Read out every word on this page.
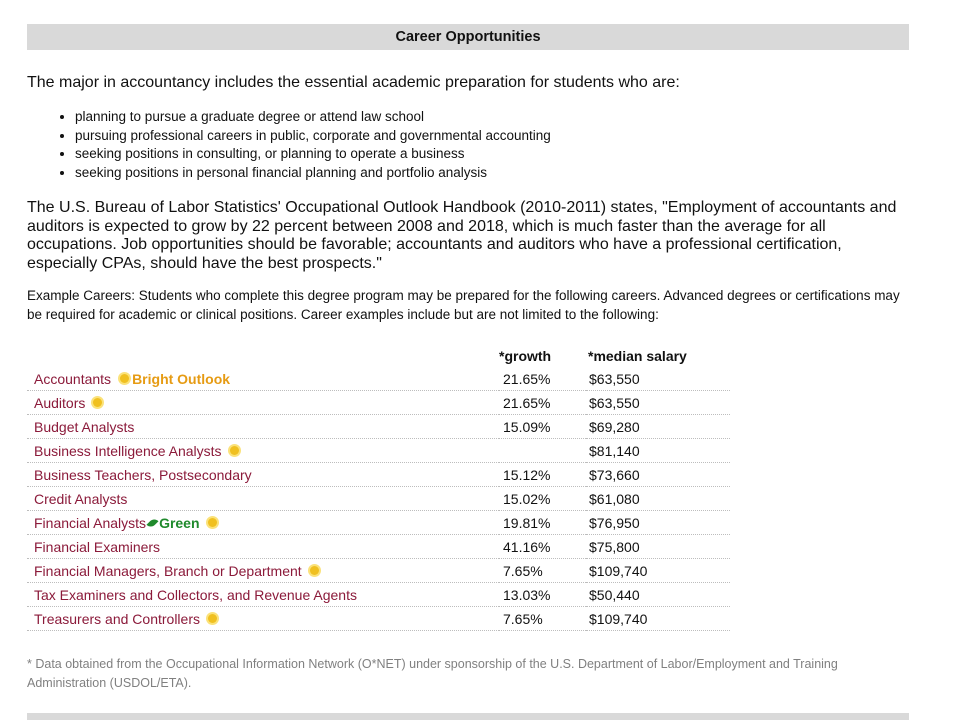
Career Opportunities
The major in accountancy includes the essential academic preparation for students who are:
• planning to pursue a graduate degree or attend law school
• pursuing professional careers in public, corporate and governmental accounting
• seeking positions in consulting, or planning to operate a business
• seeking positions in personal financial planning and portfolio analysis
The U.S. Bureau of Labor Statistics' Occupational Outlook Handbook (2010-2011) states, "Employment of accountants and auditors is expected to grow by 22 percent between 2008 and 2018, which is much faster than the average for all occupations. Job opportunities should be favorable; accountants and auditors who have a professional certification, especially CPAs, should have the best prospects."
Example Careers: Students who complete this degree program may be prepared for the following careers. Advanced degrees or certifications may be required for academic or clinical positions. Career examples include but are not limited to the following:
	*growth	*median salary
Accountants Bright Outlook	21.65%	$63,550
Auditors	21.65%	$63,550
Budget Analysts	15.09%	$69,280
Business Intelligence Analysts		$81,140
Business Teachers, Postsecondary	15.12%	$73,660
Credit Analysts	15.02%	$61,080
Financial Analysts Green	19.81%	$76,950
Financial Examiners	41.16%	$75,800
Financial Managers, Branch or Department	7.65%	$109,740
Tax Examiners and Collectors, and Revenue Agents	13.03%	$50,440
Treasurers and Controllers	7.65%	$109,740
* Data obtained from the Occupational Information Network (O*NET) under sponsorship of the U.S. Department of Labor/Employment and Training Administration (USDOL/ETA).
